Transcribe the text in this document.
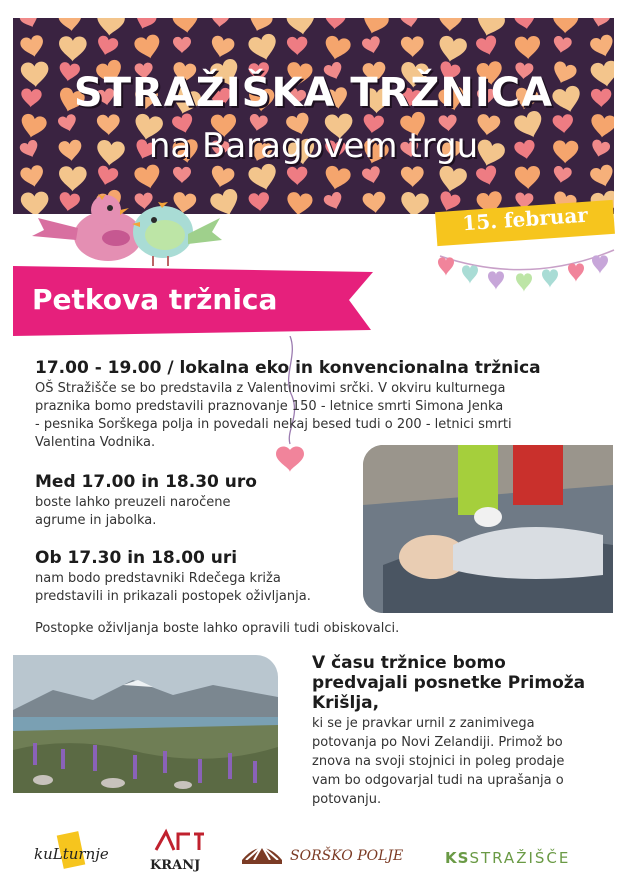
STRAŽIŠKA TRŽNICA
na Baragovem trgu
15. februar
Petkova tržnica
17.00 - 19.00 / lokalna eko in konvencionalna tržnica
OŠ Stražišče se bo predstavila z Valentinovimi srčki. V okviru kulturnega
praznika bomo predstavili praznovanje 150 - letnice smrti Simona Jenka
- pesnika Sorškega polja in povedali nekaj besed tudi o 200 - letnici smrti
Valentina Vodnika.
Med 17.00 in 18.30 uro
boste lahko preuzeli naročene
agrume in jabolka.
Ob 17.30 in 18.00 uri
nam bodo predstavniki Rdečega križa
predstavili in prikazali postopek oživljanja.
Postopke oživljanja boste lahko opravili tudi obiskovalci.
V času tržnice bomo
predvajali posnetke Primoža
Krišlja,
ki se je pravkar urnil z zanimivega
potovanja po Novi Zelandiji. Primož bo
znova na svoji stojnici in poleg prodaje
vam bo odgovarjal tudi na uprašanja o
potovanju.
kuLturnje
KRANJ
SORŠKO POLJE	KSSTRAŽIŠČE
